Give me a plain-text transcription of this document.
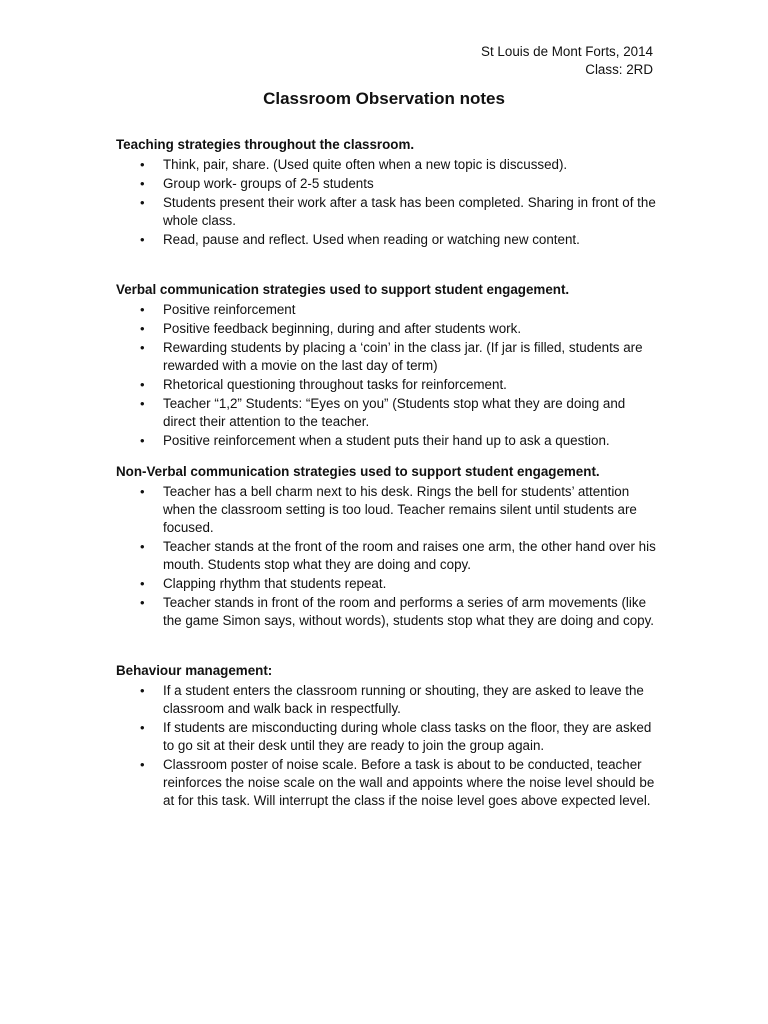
St Louis de Mont Forts, 2014
Class: 2RD
Classroom Observation notes
Teaching strategies throughout the classroom.
• Think, pair, share. (Used quite often when a new topic is discussed).
• Group work- groups of 2-5 students
• Students present their work after a task has been completed. Sharing in front of the whole class.
• Read, pause and reflect. Used when reading or watching new content.
Verbal communication strategies used to support student engagement.
• Positive reinforcement
• Positive feedback beginning, during and after students work.
• Rewarding students by placing a ‘coin’ in the class jar. (If jar is filled, students are rewarded with a movie on the last day of term)
• Rhetorical questioning throughout tasks for reinforcement.
• Teacher “1,2” Students: “Eyes on you” (Students stop what they are doing and direct their attention to the teacher.
• Positive reinforcement when a student puts their hand up to ask a question.
Non-Verbal communication strategies used to support student engagement.
• Teacher has a bell charm next to his desk. Rings the bell for students’ attention when the classroom setting is too loud. Teacher remains silent until students are focused.
• Teacher stands at the front of the room and raises one arm, the other hand over his mouth. Students stop what they are doing and copy.
• Clapping rhythm that students repeat.
• Teacher stands in front of the room and performs a series of arm movements (like the game Simon says, without words), students stop what they are doing and copy.
Behaviour management:
• If a student enters the classroom running or shouting, they are asked to leave the classroom and walk back in respectfully.
• If students are misconducting during whole class tasks on the floor, they are asked to go sit at their desk until they are ready to join the group again.
• Classroom poster of noise scale. Before a task is about to be conducted, teacher reinforces the noise scale on the wall and appoints where the noise level should be at for this task. Will interrupt the class if the noise level goes above expected level.
